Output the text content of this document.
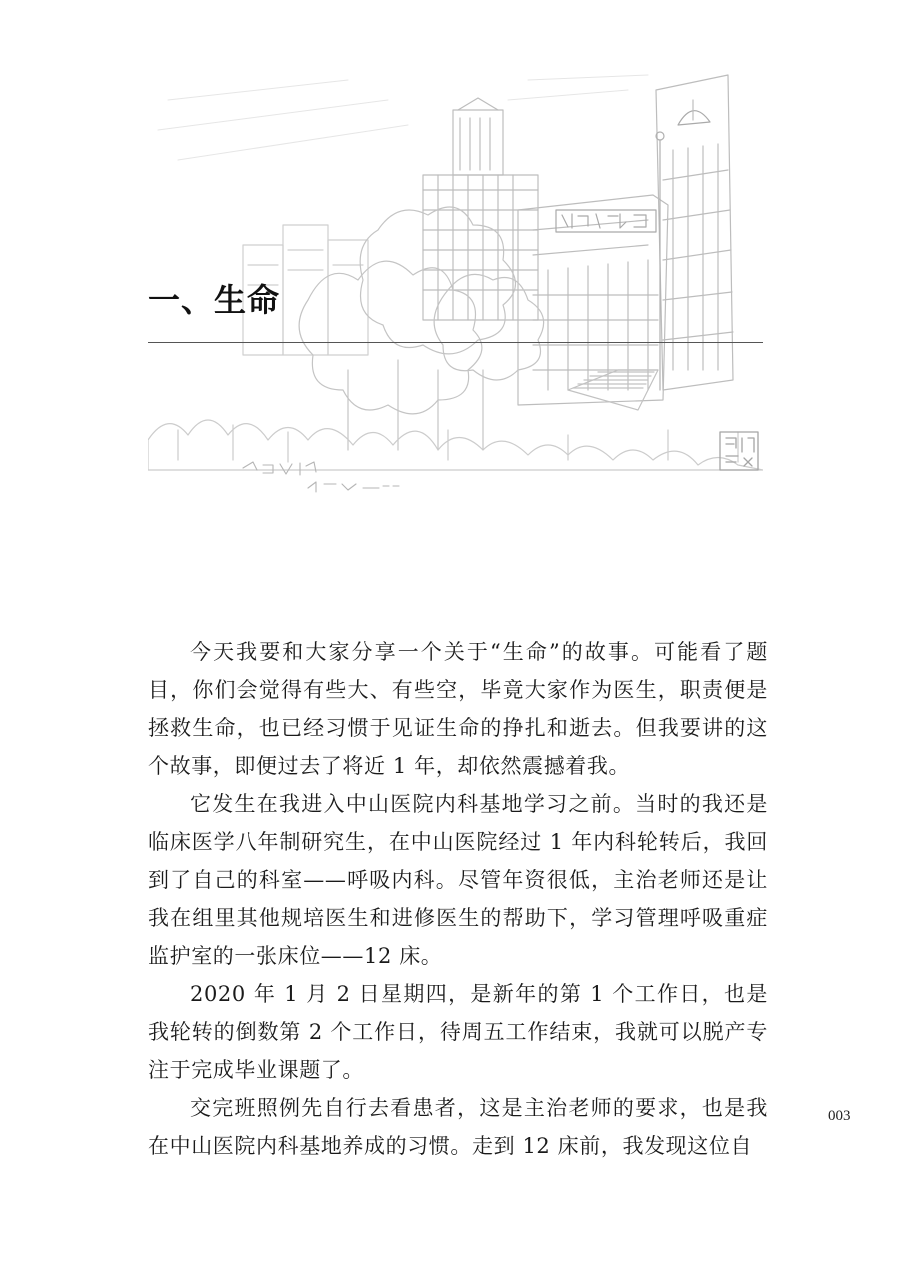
一、生命

今天我要和大家分享一个关于“生命”的故事。可能看了题目，你们会觉得有些大、有些空，毕竟大家作为医生，职责便是拯救生命，也已经习惯于见证生命的挣扎和逝去。但我要讲的这个故事，即便过去了将近 1 年，却依然震撼着我。

它发生在我进入中山医院内科基地学习之前。当时的我还是临床医学八年制研究生，在中山医院经过 1 年内科轮转后，我回到了自己的科室——呼吸内科。尽管年资很低，主治老师还是让我在组里其他规培医生和进修医生的帮助下，学习管理呼吸重症监护室的一张床位——12 床。

2020 年 1 月 2 日星期四，是新年的第 1 个工作日，也是我轮转的倒数第 2 个工作日，待周五工作结束，我就可以脱产专注于完成毕业课题了。

交完班照例先自行去看患者，这是主治老师的要求，也是我在中山医院内科基地养成的习惯。走到 12 床前，我发现这位自

003
